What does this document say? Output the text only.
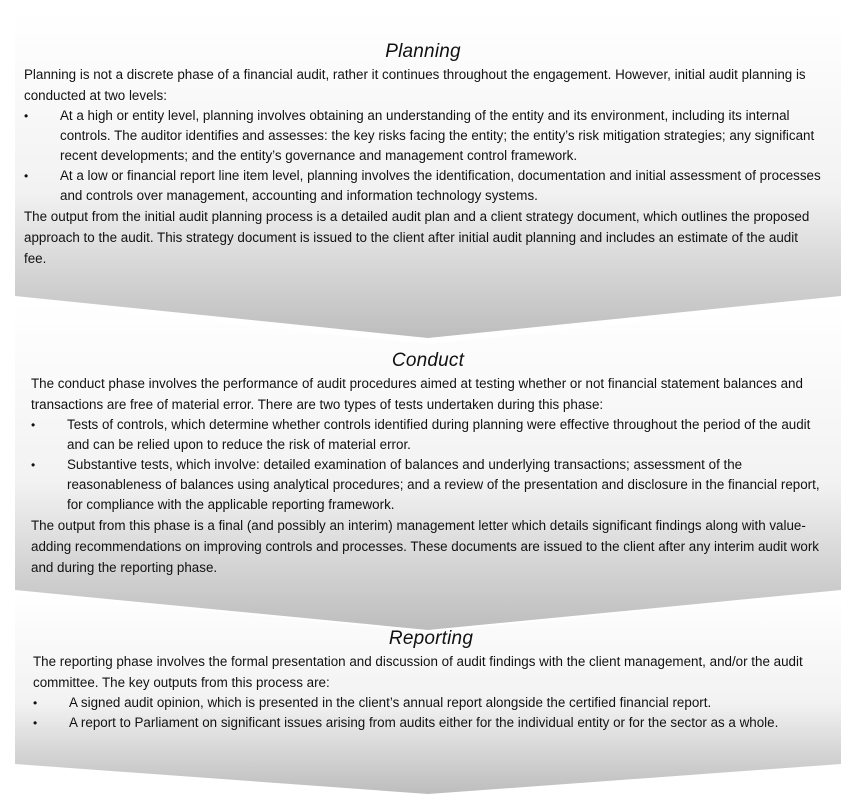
Planning

Planning is not a discrete phase of a financial audit, rather it continues throughout the engagement. However, initial audit planning is conducted at two levels:

• At a high or entity level, planning involves obtaining an understanding of the entity and its environment, including its internal controls. The auditor identifies and assesses: the key risks facing the entity; the entity’s risk mitigation strategies; any significant recent developments; and the entity’s governance and management control framework.
• At a low or financial report line item level, planning involves the identification, documentation and initial assessment of processes and controls over management, accounting and information technology systems.

The output from the initial audit planning process is a detailed audit plan and a client strategy document, which outlines the proposed approach to the audit. This strategy document is issued to the client after initial audit planning and includes an estimate of the audit fee.

Conduct

The conduct phase involves the performance of audit procedures aimed at testing whether or not financial statement balances and transactions are free of material error. There are two types of tests undertaken during this phase:

• Tests of controls, which determine whether controls identified during planning were effective throughout the period of the audit and can be relied upon to reduce the risk of material error.
• Substantive tests, which involve: detailed examination of balances and underlying transactions; assessment of the reasonableness of balances using analytical procedures; and a review of the presentation and disclosure in the financial report, for compliance with the applicable reporting framework.

The output from this phase is a final (and possibly an interim) management letter which details significant findings along with value-adding recommendations on improving controls and processes. These documents are issued to the client after any interim audit work and during the reporting phase.

Reporting

The reporting phase involves the formal presentation and discussion of audit findings with the client management, and/or the audit committee. The key outputs from this process are:

• A signed audit opinion, which is presented in the client’s annual report alongside the certified financial report.
• A report to Parliament on significant issues arising from audits either for the individual entity or for the sector as a whole.
